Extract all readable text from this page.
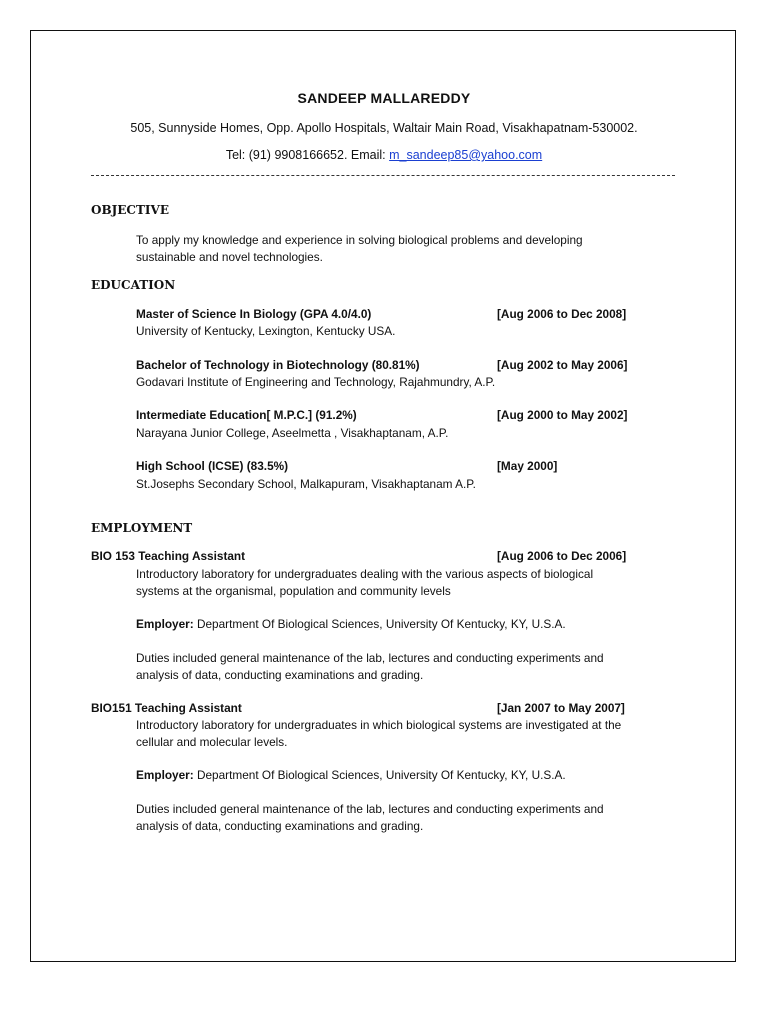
SANDEEP MALLAREDDY
505, Sunnyside Homes, Opp. Apollo Hospitals, Waltair Main Road, Visakhapatnam-530002.
Tel: (91) 9908166652. Email: m_sandeep85@yahoo.com
OBJECTIVE
To apply my knowledge and experience in solving biological problems and developing
sustainable and novel technologies.
EDUCATION
Master of Science In Biology (GPA 4.0/4.0)	[Aug 2006 to Dec 2008]
University of Kentucky, Lexington, Kentucky USA.
Bachelor of Technology in Biotechnology (80.81%)	[Aug 2002 to May 2006]
Godavari Institute of Engineering and Technology, Rajahmundry, A.P.
Intermediate Education[ M.P.C.] (91.2%)	[Aug 2000 to May 2002]
Narayana Junior College, Aseelmetta , Visakhaptanam, A.P.
High School (ICSE) (83.5%)	[May 2000]
St.Josephs Secondary School, Malkapuram, Visakhaptanam A.P.
EMPLOYMENT
BIO 153 Teaching Assistant	[Aug 2006 to Dec 2006]
Introductory laboratory for undergraduates dealing with the various aspects of biological
systems at the organismal, population and community levels
Employer: Department Of Biological Sciences, University Of Kentucky, KY, U.S.A.
Duties included general maintenance of the lab, lectures and conducting experiments and
analysis of data, conducting examinations and grading.
BIO151 Teaching Assistant	[Jan 2007 to May 2007]
Introductory laboratory for undergraduates in which biological systems are investigated at the
cellular and molecular levels.
Employer: Department Of Biological Sciences, University Of Kentucky, KY, U.S.A.
Duties included general maintenance of the lab, lectures and conducting experiments and
analysis of data, conducting examinations and grading.
